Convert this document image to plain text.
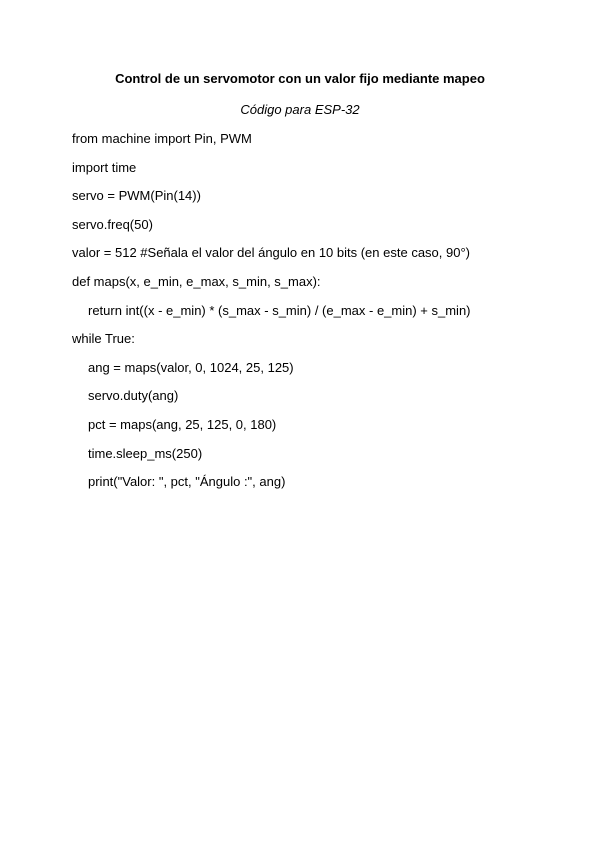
Control de un servomotor con un valor fijo mediante mapeo
Código para ESP-32
from machine import Pin, PWM
import time
servo = PWM(Pin(14))
servo.freq(50)
valor = 512 #Señala el valor del ángulo en 10 bits (en este caso, 90°)
def maps(x, e_min, e_max, s_min, s_max):
return int((x - e_min) * (s_max - s_min) / (e_max - e_min) + s_min)
while True:
ang = maps(valor, 0, 1024, 25, 125)
servo.duty(ang)
pct = maps(ang, 25, 125, 0, 180)
time.sleep_ms(250)
print("Valor: ", pct, "Ángulo :", ang)
